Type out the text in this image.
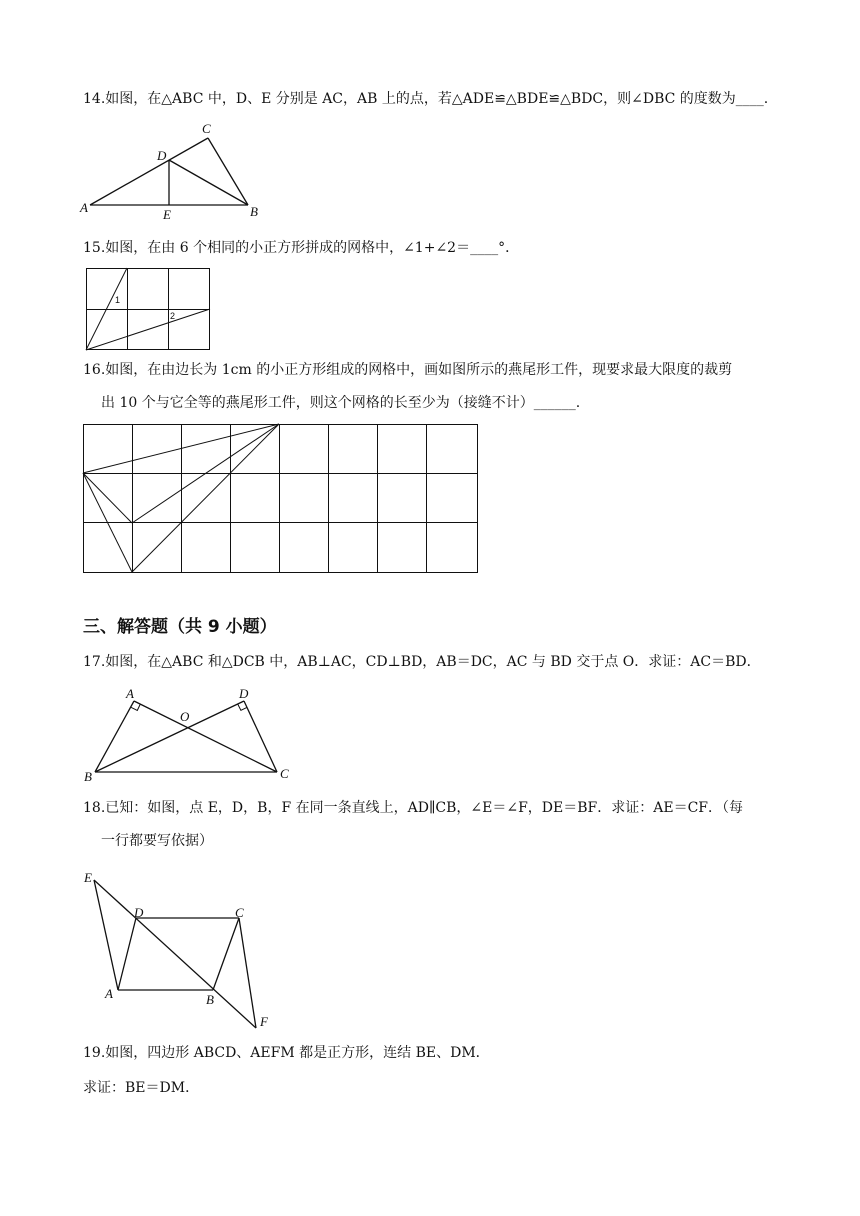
14.如图，在△ABC 中，D、E 分别是 AC，AB 上的点，若△ADE≌△BDE≌△BDC，则∠DBC 的度数为____.
A	B
C
D
E
15.如图，在由 6 个相同的小正方形拼成的网格中，∠1+∠2＝____°．
1
2
16.如图，在由边长为 1cm 的小正方形组成的网格中，画如图所示的燕尾形工件，现要求最大限度的裁剪
出 10 个与它全等的燕尾形工件，则这个网格的长至少为（接缝不计）______.
三、解答题（共 9 小题）
17.如图，在△ABC 和△DCB 中，AB⊥AC，CD⊥BD，AB＝DC，AC 与 BD 交于点 O．求证：AC＝BD．
A
B	C
D
O
18.已知：如图，点 E，D，B，F 在同一条直线上，AD∥CB，∠E＝∠F，DE＝BF．求证：AE＝CF．（每
一行都要写依据）
E
D	C
A	B
F
19.如图，四边形 ABCD、AEFM 都是正方形，连结 BE、DM．
求证：BE＝DM．
